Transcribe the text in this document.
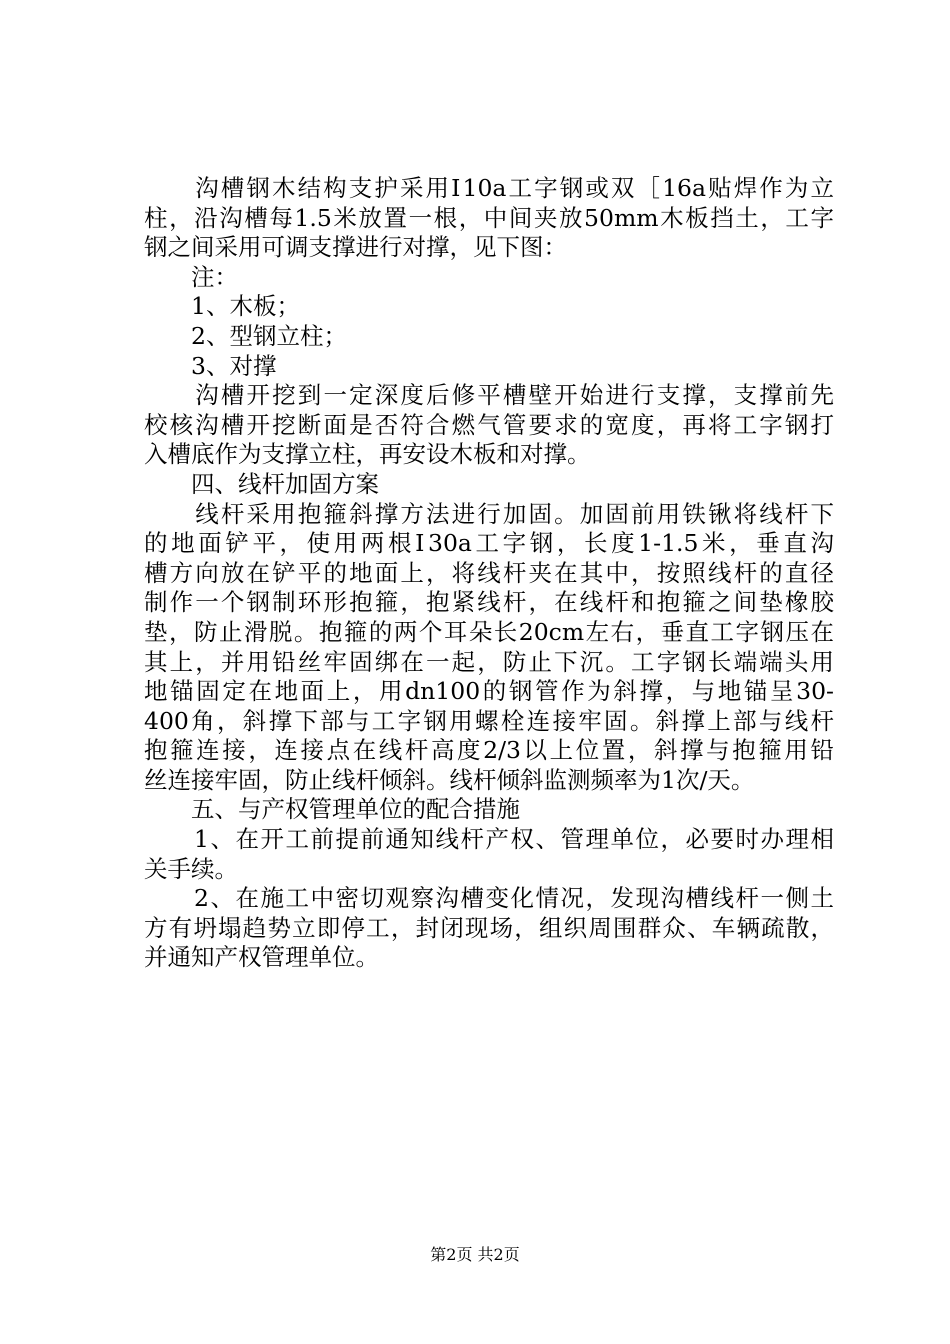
　　沟槽钢木结构支护采用Ⅰ10a工字钢或双［16a贴焊作为立
柱，沿沟槽每1.5米放置一根，中间夹放50mm木板挡土，工字
钢之间采用可调支撑进行对撑，见下图：
　　注：
　　1、木板；
　　2、型钢立柱；
　　3、对撑
　　沟槽开挖到一定深度后修平槽壁开始进行支撑，支撑前先
校核沟槽开挖断面是否符合燃气管要求的宽度，再将工字钢打
入槽底作为支撑立柱，再安设木板和对撑。
　　四、线杆加固方案
　　线杆采用抱箍斜撑方法进行加固。加固前用铁锹将线杆下
的地面铲平，使用两根Ⅰ30a工字钢，长度1-1.5米，垂直沟
槽方向放在铲平的地面上，将线杆夹在其中，按照线杆的直径
制作一个钢制环形抱箍，抱紧线杆，在线杆和抱箍之间垫橡胶
垫，防止滑脱。抱箍的两个耳朵长20cm左右，垂直工字钢压在
其上，并用铅丝牢固绑在一起，防止下沉。工字钢长端端头用
地锚固定在地面上，用dn100的钢管作为斜撑，与地锚呈30-
400角，斜撑下部与工字钢用螺栓连接牢固。斜撑上部与线杆
抱箍连接，连接点在线杆高度2/3以上位置，斜撑与抱箍用铅
丝连接牢固，防止线杆倾斜。线杆倾斜监测频率为1次/天。
　　五、与产权管理单位的配合措施
　　1、在开工前提前通知线杆产权、管理单位，必要时办理相
关手续。
　　2、在施工中密切观察沟槽变化情况，发现沟槽线杆一侧土
方有坍塌趋势立即停工，封闭现场，组织周围群众、车辆疏散，
并通知产权管理单位。
第2页 共2页
